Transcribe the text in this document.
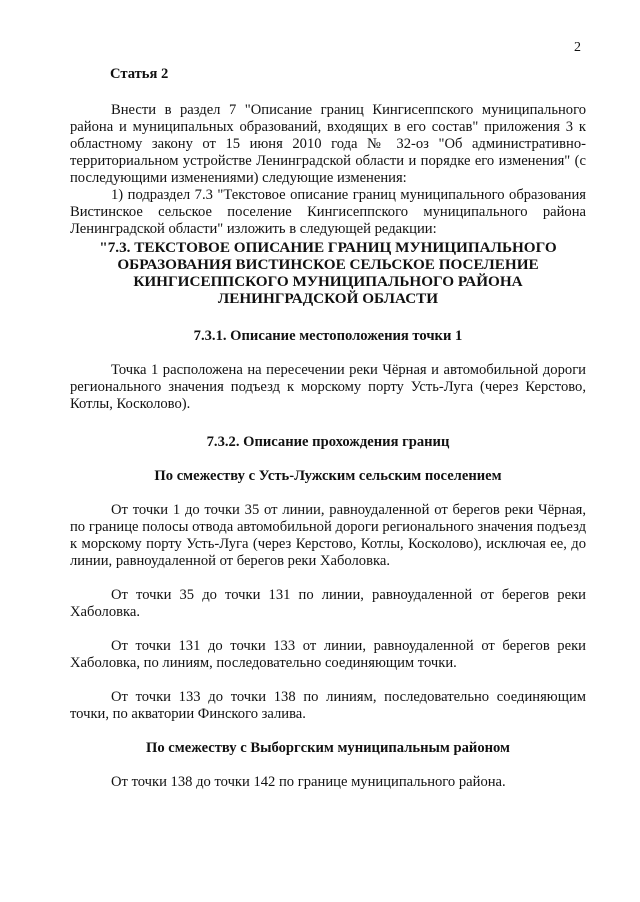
2
Статья 2

Внести в раздел 7 "Описание границ Кингисеппского муниципального района и муниципальных образований, входящих в его состав" приложения 3 к областному закону от 15 июня 2010 года № 32-оз "Об административно-территориальном устройстве Ленинградской области и порядке его изменения" (с последующими изменениями) следующие изменения:

1) подраздел 7.3 "Текстовое описание границ муниципального образования Вистинское сельское поселение Кингисеппского муниципального района Ленинградской области" изложить в следующей редакции:

"7.3. ТЕКСТОВОЕ ОПИСАНИЕ ГРАНИЦ МУНИЦИПАЛЬНОГО ОБРАЗОВАНИЯ ВИСТИНСКОЕ СЕЛЬСКОЕ ПОСЕЛЕНИЕ КИНГИСЕППСКОГО МУНИЦИПАЛЬНОГО РАЙОНА ЛЕНИНГРАДСКОЙ ОБЛАСТИ

7.3.1. Описание местоположения точки 1

Точка 1 расположена на пересечении реки Чёрная и автомобильной дороги регионального значения подъезд к морскому порту Усть-Луга (через Керстово, Котлы, Косколово).

7.3.2. Описание прохождения границ

По смежеству с Усть-Лужским сельским поселением

От точки 1 до точки 35 от линии, равноудаленной от берегов реки Чёрная, по границе полосы отвода автомобильной дороги регионального значения подъезд к морскому порту Усть-Луга (через Керстово, Котлы, Косколово), исключая ее, до линии, равноудаленной от берегов реки Хаболовка.

От точки 35 до точки 131 по линии, равноудаленной от берегов реки Хаболовка.

От точки 131 до точки 133 от линии, равноудаленной от берегов реки Хаболовка, по линиям, последовательно соединяющим точки.

От точки 133 до точки 138 по линиям, последовательно соединяющим точки, по акватории Финского залива.

По смежеству с Выборгским муниципальным районом

От точки 138 до точки 142 по границе муниципального района.
